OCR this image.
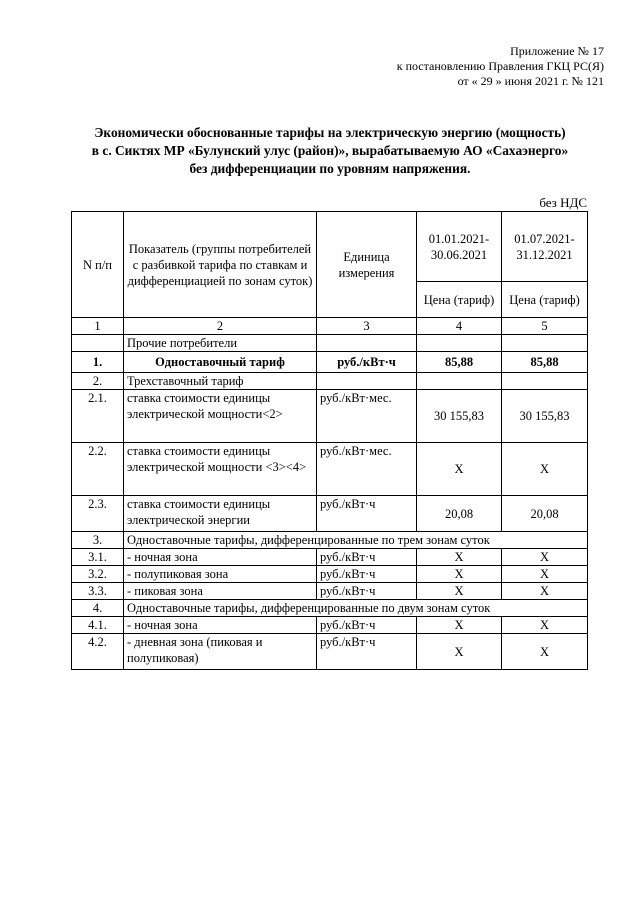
Приложение № 17
к постановлению Правления ГКЦ РС(Я)
от « 29 » июня 2021 г. № 121
Экономически обоснованные тарифы на электрическую энергию (мощность)
в с. Сиктях МР «Булунский улус (район)», вырабатываемую АО «Сахаэнерго»
без дифференциации по уровням напряжения.
без НДС
N п/п	Показатель (группы потребителей с разбивкой тарифа по ставкам и дифференциацией по зонам суток)	Единица измерения	01.01.2021-30.06.2021	01.07.2021-31.12.2021
			Цена (тариф)	Цена (тариф)
1	2	3	4	5
	Прочие потребители			
1.	Одноставочный тариф	руб./кВт·ч	85,88	85,88
2.	Трехставочный тариф			
2.1.	ставка стоимости единицы электрической мощности<2>	руб./кВт·мес.	30 155,83	30 155,83
2.2.	ставка стоимости единицы электрической мощности <3><4>	руб./кВт·мес.	Х	Х
2.3.	ставка стоимости единицы электрической энергии	руб./кВт·ч	20,08	20,08
3.	Одноставочные тарифы, дифференцированные по трем зонам суток			
3.1.	- ночная зона	руб./кВт·ч	Х	Х
3.2.	- полупиковая зона	руб./кВт·ч	Х	Х
3.3.	- пиковая зона	руб./кВт·ч	Х	Х
4.	Одноставочные тарифы, дифференцированные по двум зонам суток			
4.1.	- ночная зона	руб./кВт·ч	Х	Х
4.2.	- дневная зона (пиковая и полупиковая)	руб./кВт·ч	Х	Х
